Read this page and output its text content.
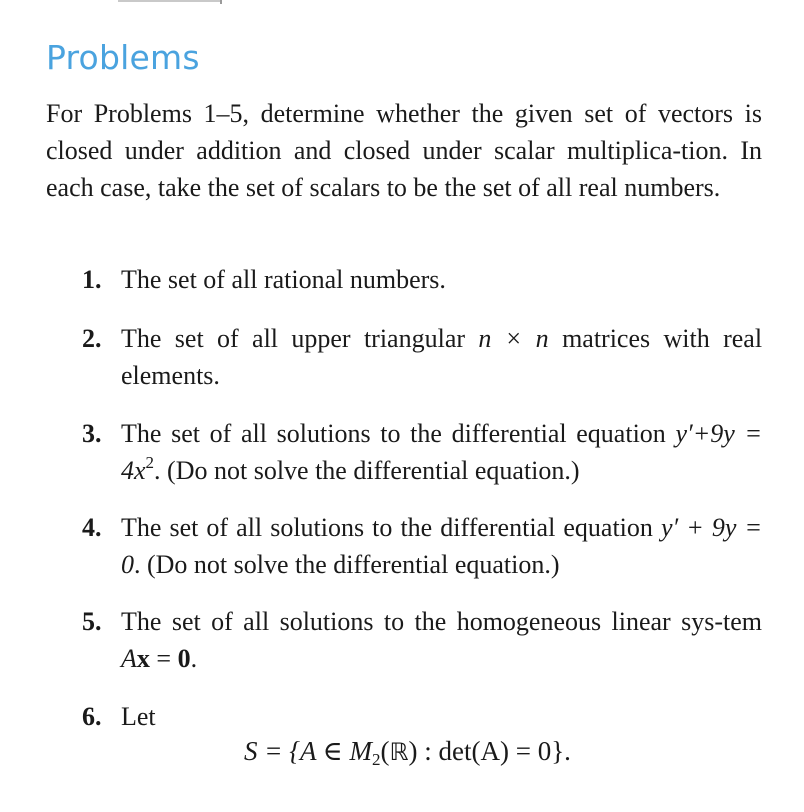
Problems

For Problems 1–5, determine whether the given set of vectors is closed under addition and closed under scalar multiplica-tion. In each case, take the set of scalars to be the set of all real numbers.

1. The set of all rational numbers.
2. The set of all upper triangular n × n matrices with real elements.
3. The set of all solutions to the differential equation $y'+9y = 4x^2$. (Do not solve the differential equation.)
4. The set of all solutions to the differential equation y′ + 9y = 0. (Do not solve the differential equation.)
5. The set of all solutions to the homogeneous linear sys-tem Ax = 0.
6. Let
S = {A ∈ $M_2(ℝ)$ : det(A) = 0}.
